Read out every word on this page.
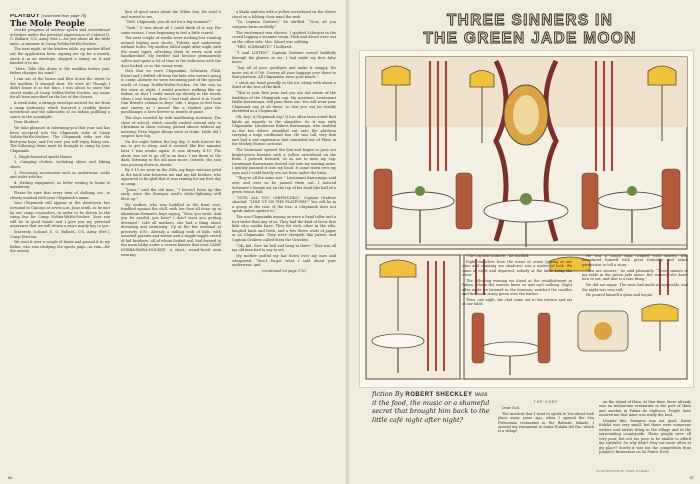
PLAYBOY (continued from page 78)
The Mole People

cessful program of outdoor sports and recreational activities under the personal supervision of Colonel D. G. Bullard, U.S. Army (Ret.)—for just about all the little ones—a summer at Camp Nobba-WaWa-Nockee.

The next night, at the kitchen table, my mother filled out the application form, signing me up for a month, stuck it in an envelope, slapped a stamp on it and handed it to me.

“Here. Take this down to the mailbox before your father changes his mind.”

I ran out of the house and flew down the street to the mailbox. It clanged shut. We were in! Though I didn't know it at the time, I was about to enter the secret ranks of Camp Nobba-WaWa-Nockee, my name for all time inscribed on the list of the chosen.

A week later, a strange envelope arrived for me from a camp stationery, which featured a crudely drawn arrowhead and the silhouette of an Indian paddling a canoe in the moonlight.

Dear Shufnet:

We take pleasure in informing you that your son has been accepted into the Chipmunk tribe of Camp Nobba-WaWa-Nockee. The Chipmunk tribe are the first-year boys, and I'm sure you will enjoy being one. The following items must be brought to camp by your Chipmunk:

1. Single-breasted sports blazer.

2. Camping clothes, including shoes and hiking shoes.

3. Necessary accessories such as underwear, socks and toilet articles.

4. Writing equipment, as letter writing to home is mandatory.

Please be sure that every item of clothing, etc., is clearly marked with your Chipmunk's name.

Your Chipmunk will appear at the downtown bus terminal in Chicago at seven a.m. June tenth, to be met by our camp counselors, in order to be driven to the camp bus for Camp Nobba-WaWa-Nockee. Your son will be in good hands and I give you my personal assurance that we will return a more manly boy to you.

Sincerely, Colonel D. G. Bullard, U.S. Army (Ret.), Camp Director

We read it over a couple of times and passed it to my father, who was studying the sports page—in vain—for the season

hint of good news about the White Sox. He read it and turned to me.

“Well, Chipmunk, you all set for a big summer?”

“Yeah.” It was about all I could think of to say. For some reason, I was beginning to feel a little scared.

The next couple of weeks were nothing but running around buying new shorts, T-shirts and underwear without holes. My mother toiled night after night with the name tapes, attaching them to every sock and handkerchief. My brother had become permanently sullen and spent a lot of time in the bathroom with the door locked, or so the rumor went.

Now that we were Chipmunks, Schwartz, Flick, Kissel and I drifted off from the kids who weren't going to camp. Already we were becoming part of the special world of Camp Nobba-WaWa-Nockee. On the way to the store at night, I would practice walking like an Indian, so that I could sneak up silently in the woods when I was hunting deer. I had read about it in Uncle Dan Beard's column in Boys' Life. I began to feel lean and sinewy as I moved like a shadow past the porchlamps; a hero forever in search of game.

The days crawled by with maddening slowness. The close of school, which usually rushed around only to Christmas in sheer ecstasy, passed almost without my noticing. Even bigger things were at stake. Little did I suspect how big.

On the night before the big day, it took forever for me to get to sleep, and it seemed like five minutes later I was awake again. It was already 4:15. The alarm was set to go off in an hour. I sat there in the dark, listening to the old man snore. Outside, the rain was pouring down in sheets.

By 5:15 we were in the Olds, my huge suitcase piled in the back seat between me and my kid brother, who appeared to be glad that it was raining for my first day in camp.

“Jesus,” said the old man, “I haven't been up this early since the Bonepas mail's white-lightning still blew up.”

My mother, who was huddled in the front seat, fumbled against the chill, with her face all done up in aluminum elements, kept saying, “Now, you write. And you be careful, you hear? I don't want you getting drowned.” Like all mothers, she had a thing about drowning and swimming. Up at the bus terminal at precisely 6:50. Already a milling mob of kids, with assorted parents and sisters and a raggle-taggle crowd of kid brothers, all of whom looked sad, had formed in the main lobby under a canvas banner that read CAMP NOBBA-WAWA-NOCKEE. A short, round-faced man wearing

a khaki uniform with a yellow arrowhead on the sleeve stood on a folding chair amid the mob.

“Do Captain Grabree,” he shrilled. “Now, all you campers form carefully.”

The excitement was electric. I spotted Schwartz in the crowd lugging a steamer trunk. Flick and Kissel were out on the other side. Mrs. Kissel was sobbing.

“HEY, SCHWARTZ!” I hollered.

“I said LISTEN!” Captain Grabree waved baldfully through his glasses at me. I had made my first false move.

“Say all of your goodbyes and make it snappy. We move out at 0700. Convey all your luggage over there to that platform. All Chipmunks raise your hands.”

I stuck my hand proudly in the air, along with about a third of the rest of the kids.

“This is your first year, and you are not aware of the tradition of the Chipmunk cap. My assistant, Lieutenant Hollis Knessmayn, will pass them out. You will wear your Chipmunk cap at all times, so that you can be readily identified as a Chipmunk.”

Oh, boy! A Chipmunk cap! It has often been noted that kinds go eagerly to the slaughter. So it was with Chipmunks. Lieutenant Hubert Knessmayn, who doubled as the bus driver, stumbled out onto the platform carrying a huge cardboard box. He was tall, very thin and had a sad expression that reminded me of Pluto in the Mickey Mouse cartoons.

The lieutenant opened the box and began to pass out bright-green beanies with a yellow arrowhead on the front. I pressed forward, so as not to miss my cap. Lieutenant Knessmayn shoved one into my waiting arms. I quickly jammed it onto my head. It came down over my eyes and I could barely see out from under the brim.

“They're all the same size,” Lieutenant Knessmayn said over and over as he passed them out. I noticed Schwartz's beanie sat on the top of his head like half of a green tennis ball.

“NOW, ALL YOU CHIPMUNKS,” Captain Grabree shouted, “LINE UP ON THE PLATFORM!” You will be in a group at the rear of the bus. A Chipmunk does not speak unless spoken to.”

The non-Chipmunks among us were a head taller and a foot wider than any of us. They had the kind of faces that kids who smoke have. They hit each other in the ribs, laughed back and forth, and a few threw wads of paper at us Chipmunks. They were sheepish like jailers, and Captain Grabree called them the Grizzlies.

“OK, kid. Give 'im hell and hang in there.” That was all my old man had to say to me.

My mother patted my hat down over my ears and whispered, “Don't forget what I said about your underwear. And

(continued on page 176)

86
THREE SINNERS IN
THE GREEN JADE MOON

“The Captain Grabree,” he shrilled.

Eight ourselves from the scene of crime (gazing at our wine and counting our shadows) was a matter of luck. We came at night and departed, nobody at the table being the wiser.

The following evening we dined at the establishment in Palma, where the waiters knew us and said nothing. Night after night we listened to the fountain, watched the candles and the moon rising green over the harbor.

Then, one night, the chef came out to the terrace and sat at our table.

He was a round man, stained with sauces, who introduced himself with great formality and asked permission to tell a story.

“You are sinners,” he said pleasantly. “Three sinners at my table in the green jade moon. But sinners who know how to eat, and that is a rare thing.”

We did not argue. The wine had made us agreeable, and the night was very soft.

He poured himself a glass and began.

fiction By ROBERT SHECKLEY was it the food, the music or a shameful secret that brought him back to the little café night after night?

THE CHEF

Dear God,

The incident that I want to speak to You about took place some years ago, when I opened the Sea Fisherman restaurant in the Balearic Islands. I opened my restaurant in Santa Eulalia del Rio, which is a village

on the island of Ibiza. At that time, there already was an Indonesian restaurant in the port of Ibiza and another in Palma de Mallorca. People have assured me that mine was really the best.

Despite this, business was not good. Santa Eulalia was very small, but there were numerous writers and artists living in the village and in the surrounding countryside. These people were all very poor, but not too poor to be unable to afford my rijsttafel. So why didn't they eat more often at my place? Surely it was not the competition from Juanito's Restaurant on Sa Punta. Even

ILLUSTRATION BY JOHN O'LEARY
87
